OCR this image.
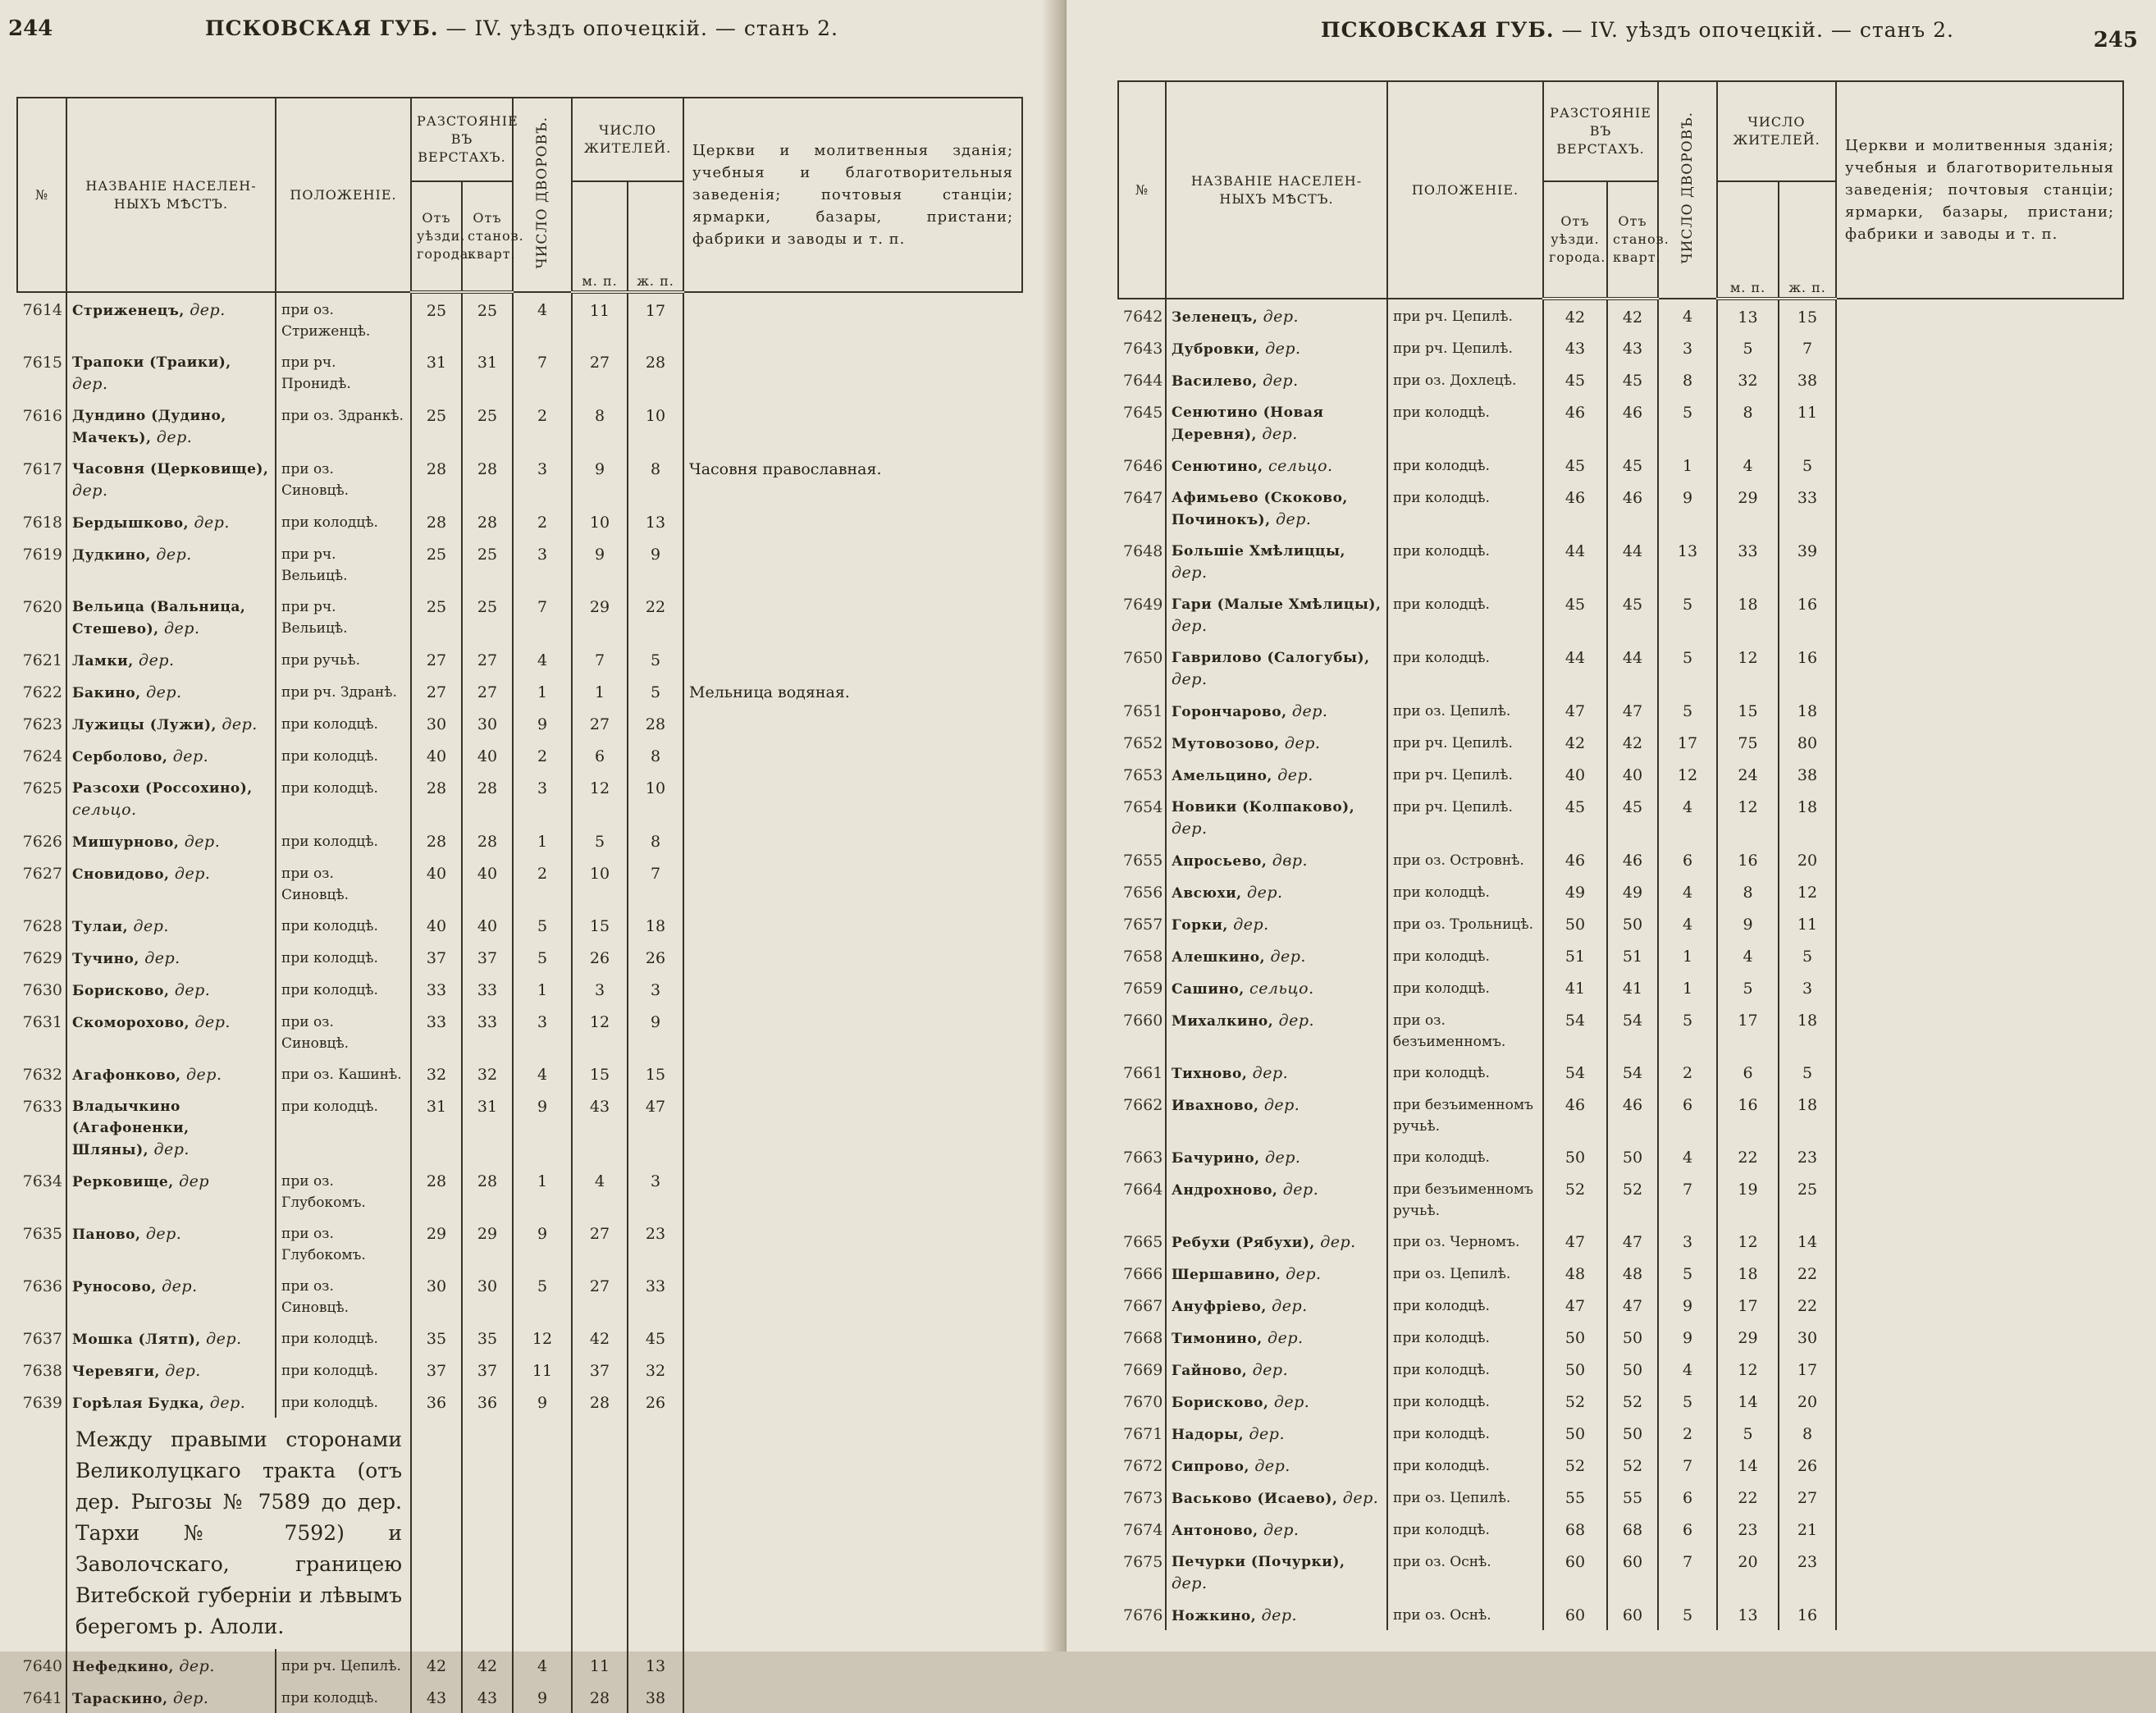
244	ПСКОВСКАЯ ГУБ. — IV. уѣздъ опочецкій. — станъ 2.
№	НАЗВАНІЕ НАСЕЛЕН-НЫХЪ МѢСТЪ.	ПОЛОЖЕНІЕ.	РАЗСТОЯНІЕ ВЪ ВЕРСТАХЪ.		ЧИСЛО ДВОРОВЪ.	ЧИСЛО ЖИТЕЛЕЙ.		Церкви и молитвенныя зданія; учебныя и благотворительныя заведенія; почтовыя станціи; ярмарки, базары, пристани; фабрики и заводы и т. п.
			Отъ уѣзди. города.	Отъ станов. кварт.		м. п.	ж. п.	
7614	Стриженецъ, дер.	при оз. Стриженцѣ.	25	25	4	11	17	
7615	Трапоки (Траики), дер.	при рч. Пронидѣ.	31	31	7	27	28	
7616	Дундино (Дудино, Мачекъ), дер.	при оз. Здранкѣ.	25	25	2	8	10	
7617	Часовня (Церковище), дер.	при оз. Синовцѣ.	28	28	3	9	8	Часовня православная.
7618	Бердышково, дер.	при колодцѣ.	28	28	2	10	13	
7619	Дудкино, дер.	при рч. Вельицѣ.	25	25	3	9	9	
7620	Вельица (Вальница, Стешево), дер.	при рч. Вельицѣ.	25	25	7	29	22	
7621	Ламки, дер.	при ручьѣ.	27	27	4	7	5	
7622	Бакино, дер.	при рч. Здранѣ.	27	27	1	1	5	Мельница водяная.
7623	Лужицы (Лужи), дер.	при колодцѣ.	30	30	9	27	28	
7624	Серболово, дер.	при колодцѣ.	40	40	2	6	8	
7625	Разсохи (Россохино), сельцо.	при колодцѣ.	28	28	3	12	10	
7626	Мишурново, дер.	при колодцѣ.	28	28	1	5	8	
7627	Сновидово, дер.	при оз. Синовцѣ.	40	40	2	10	7	
7628	Тулаи, дер.	при колодцѣ.	40	40	5	15	18	
7629	Тучино, дер.	при колодцѣ.	37	37	5	26	26	
7630	Борисково, дер.	при колодцѣ.	33	33	1	3	3	
7631	Скоморохово, дер.	при оз. Синовцѣ.	33	33	3	12	9	
7632	Агафонково, дер.	при оз. Кашинѣ.	32	32	4	15	15	
7633	Владычкино (Агафоненки, Шляны), дер.	при колодцѣ.	31	31	9	43	47	
7634	Рерковище, дер	при оз. Глубокомъ.	28	28	1	4	3	
7635	Паново, дер.	при оз. Глубокомъ.	29	29	9	27	23	
7636	Руносово, дер.	при оз. Синовцѣ.	30	30	5	27	33	
7637	Мошка (Лятп), дер.	при колодцѣ.	35	35	12	42	45	
7638	Черевяги, дер.	при колодцѣ.	37	37	11	37	32	
7639	Горѣлая Будка, дер.	при колодцѣ.	36	36	9	28	26	
	Между правыми сторонами Великолуцкаго тракта (отъ дер. Рыгозы № 7589 до дер. Тархи № 7592) и Заволочскаго, границею Витебской губерніи и лѣвымъ берегомъ р. Алоли.							
7640	Нефедкино, дер.	при рч. Цепилѣ.	42	42	4	11	13	
7641	Тараскино, дер.	при колодцѣ.	43	43	9	28	38	
ПСКОВСКАЯ ГУБ. — IV. уѣздъ опочецкій. — станъ 2.	245
№	НАЗВАНІЕ НАСЕЛЕН-НЫХЪ МѢСТЪ.	ПОЛОЖЕНІЕ.	РАЗСТОЯНІЕ ВЪ ВЕРСТАХЪ.		ЧИСЛО ДВОРОВЪ.	ЧИСЛО ЖИТЕЛЕЙ.		Церкви и молитвенныя зданія; учебныя и благотворительныя заведенія; почтовыя станціи; ярмарки, базары, пристани; фабрики и заводы и т. п.
			Отъ уѣзди. города.	Отъ станов. кварт.		м. п.	ж. п.	
7642	Зеленецъ, дер.	при рч. Цепилѣ.	42	42	4	13	15	
7643	Дубровки, дер.	при рч. Цепилѣ.	43	43	3	5	7	
7644	Василево, дер.	при оз. Дохлецѣ.	45	45	8	32	38	
7645	Сенютино (Новая Деревня), дер.	при колодцѣ.	46	46	5	8	11	
7646	Сенютино, сельцо.	при колодцѣ.	45	45	1	4	5	
7647	Афимьево (Скоково, Починокъ), дер.	при колодцѣ.	46	46	9	29	33	
7648	Большіе Хмѣлиццы, дер.	при колодцѣ.	44	44	13	33	39	
7649	Гари (Малые Хмѣлицы), дер.	при колодцѣ.	45	45	5	18	16	
7650	Гаврилово (Салогубы), дер.	при колодцѣ.	44	44	5	12	16	
7651	Горончарово, дер.	при оз. Цепилѣ.	47	47	5	15	18	
7652	Мутовозово, дер.	при рч. Цепилѣ.	42	42	17	75	80	
7653	Амельцино, дер.	при рч. Цепилѣ.	40	40	12	24	38	
7654	Новики (Колпаково), дер.	при рч. Цепилѣ.	45	45	4	12	18	
7655	Апросьево, двр.	при оз. Островнѣ.	46	46	6	16	20	
7656	Авсюхи, дер.	при колодцѣ.	49	49	4	8	12	
7657	Горки, дер.	при оз. Трольницѣ.	50	50	4	9	11	
7658	Алешкино, дер.	при колодцѣ.	51	51	1	4	5	
7659	Сашино, сельцо.	при колодцѣ.	41	41	1	5	3	
7660	Михалкино, дер.	при оз. безъименномъ.	54	54	5	17	18	
7661	Тихново, дер.	при колодцѣ.	54	54	2	6	5	
7662	Ивахново, дер.	при безъименномъ ручьѣ.	46	46	6	16	18	
7663	Бачурино, дер.	при колодцѣ.	50	50	4	22	23	
7664	Андрохново, дер.	при безъименномъ ручьѣ.	52	52	7	19	25	
7665	Ребухи (Рябухи), дер.	при оз. Черномъ.	47	47	3	12	14	
7666	Шершавино, дер.	при оз. Цепилѣ.	48	48	5	18	22	
7667	Ануфріево, дер.	при колодцѣ.	47	47	9	17	22	
7668	Тимонино, дер.	при колодцѣ.	50	50	9	29	30	
7669	Гайново, дер.	при колодцѣ.	50	50	4	12	17	
7670	Борисково, дер.	при колодцѣ.	52	52	5	14	20	
7671	Надоры, дер.	при колодцѣ.	50	50	2	5	8	
7672	Сипрово, дер.	при колодцѣ.	52	52	7	14	26	
7673	Васьково (Исаево), дер.	при оз. Цепилѣ.	55	55	6	22	27	
7674	Антоново, дер.	при колодцѣ.	68	68	6	23	21	
7675	Печурки (Почурки), дер.	при оз. Оснѣ.	60	60	7	20	23	
7676	Ножкино, дер.	при оз. Оснѣ.	60	60	5	13	16	
